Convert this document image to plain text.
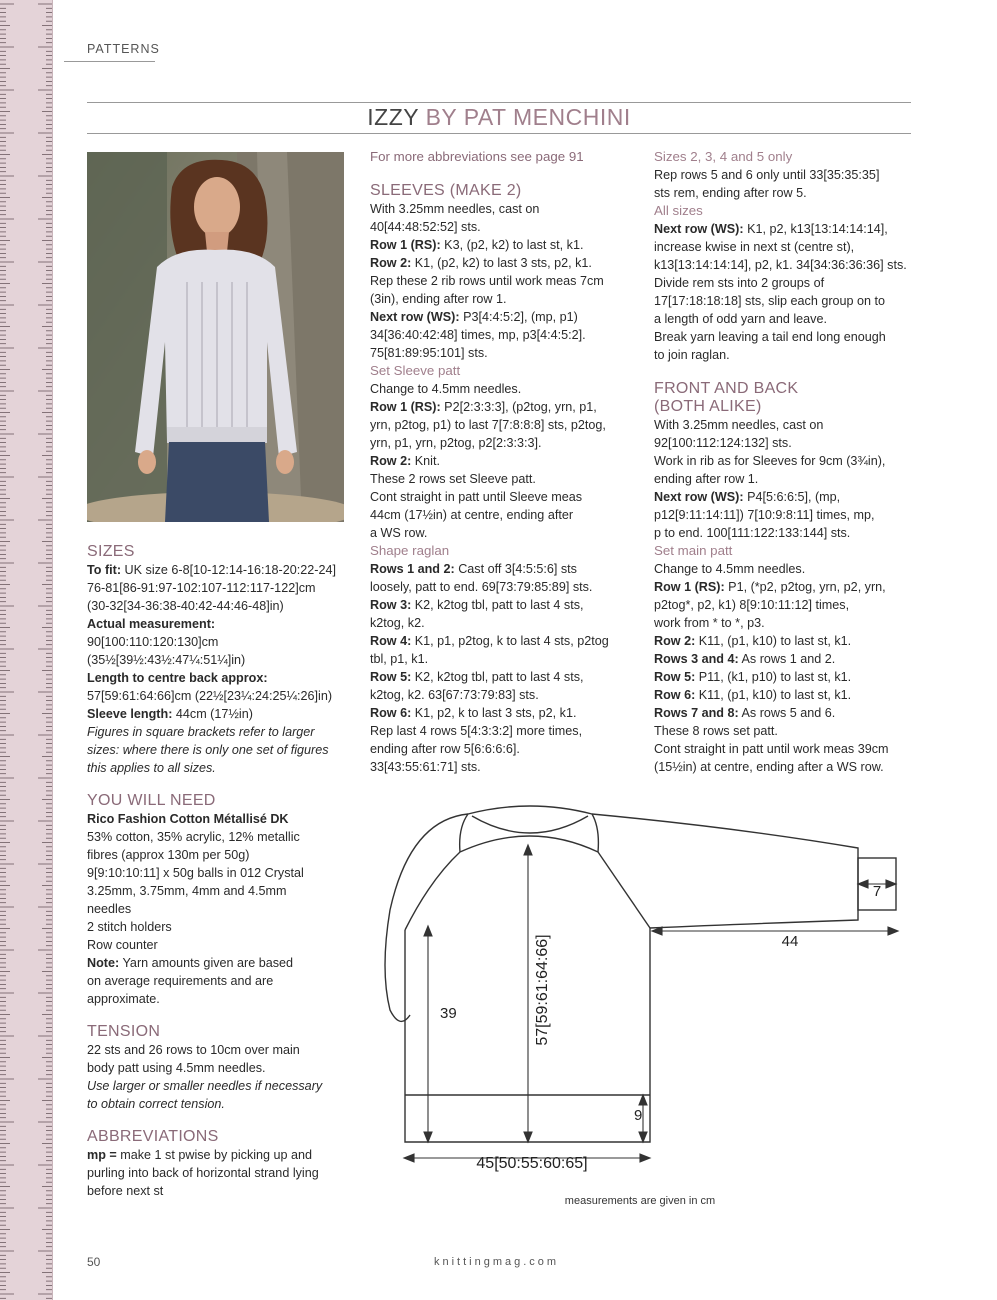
PATTERNS
IZZY BY PAT MENCHINI

SIZES

To fit: UK size 6-8[10-12:14-16:18-20:22-24]

76-81[86-91:97-102:107-112:117-122]cm

(30-32[34-36:38-40:42-44:46-48]in)

Actual measurement:

90[100:110:120:130]cm

(35½[39½:43½:47¼:51¼]in)

Length to centre back approx:

57[59:61:64:66]cm (22½[23¼:24:25¼:26]in)

Sleeve length: 44cm (17½in)

Figures in square brackets refer to larger

sizes: where there is only one set of figures

this applies to all sizes.

YOU WILL NEED

Rico Fashion Cotton Métallisé DK

53% cotton, 35% acrylic, 12% metallic

fibres (approx 130m per 50g)

9[9:10:10:11] x 50g balls in 012 Crystal

3.25mm, 3.75mm, 4mm and 4.5mm

needles

2 stitch holders

Row counter

Note: Yarn amounts given are based

on average requirements and are

approximate.

TENSION

22 sts and 26 rows to 10cm over main

body patt using 4.5mm needles.

Use larger or smaller needles if necessary

to obtain correct tension.

ABBREVIATIONS

mp = make 1 st pwise by picking up and

purling into back of horizontal strand lying

before next st

For more abbreviations see page 91

SLEEVES (MAKE 2)

With 3.25mm needles, cast on

40[44:48:52:52] sts.

Row 1 (RS): K3, (p2, k2) to last st, k1.

Row 2: K1, (p2, k2) to last 3 sts, p2, k1.

Rep these 2 rib rows until work meas 7cm

(3in), ending after row 1.

Next row (WS): P3[4:4:5:2], (mp, p1)

34[36:40:42:48] times, mp, p3[4:4:5:2].

75[81:89:95:101] sts.

Set Sleeve patt

Change to 4.5mm needles.

Row 1 (RS): P2[2:3:3:3], (p2tog, yrn, p1,

yrn, p2tog, p1) to last 7[7:8:8:8] sts, p2tog,

yrn, p1, yrn, p2tog, p2[2:3:3:3].

Row 2: Knit.

These 2 rows set Sleeve patt.

Cont straight in patt until Sleeve meas

44cm (17½in) at centre, ending after

a WS row.

Shape raglan

Rows 1 and 2: Cast off 3[4:5:5:6] sts

loosely, patt to end. 69[73:79:85:89] sts.

Row 3: K2, k2tog tbl, patt to last 4 sts,

k2tog, k2.

Row 4: K1, p1, p2tog, k to last 4 sts, p2tog

tbl, p1, k1.

Row 5: K2, k2tog tbl, patt to last 4 sts,

k2tog, k2. 63[67:73:79:83] sts.

Row 6: K1, p2, k to last 3 sts, p2, k1.

Rep last 4 rows 5[4:3:3:2] more times,

ending after row 5[6:6:6:6].

33[43:55:61:71] sts.

Sizes 2, 3, 4 and 5 only

Rep rows 5 and 6 only until 33[35:35:35]

sts rem, ending after row 5.

All sizes

Next row (WS): K1, p2, k13[13:14:14:14],

increase kwise in next st (centre st),

k13[13:14:14:14], p2, k1. 34[34:36:36:36] sts.

Divide rem sts into 2 groups of

17[17:18:18:18] sts, slip each group on to

a length of odd yarn and leave.

Break yarn leaving a tail end long enough

to join raglan.

FRONT AND BACK

(BOTH ALIKE)

With 3.25mm needles, cast on

92[100:112:124:132] sts.

Work in rib as for Sleeves for 9cm (3¾in),

ending after row 1.

Next row (WS): P4[5:6:6:5], (mp,

p12[9:11:14:11]) 7[10:9:8:11] times, mp,

p to end. 100[111:122:133:144] sts.

Set main patt

Change to 4.5mm needles.

Row 1 (RS): P1, (*p2, p2tog, yrn, p2, yrn,

p2tog*, p2, k1) 8[9:10:11:12] times,

work from * to *, p3.

Row 2: K11, (p1, k10) to last st, k1.

Rows 3 and 4: As rows 1 and 2.

Row 5: P11, (k1, p10) to last st, k1.

Row 6: K11, (p1, k10) to last st, k1.

Rows 7 and 8: As rows 5 and 6.

These 8 rows set patt.

Cont straight in patt until work meas 39cm

(15½in) at centre, ending after a WS row.

7
44
57[59:61:64:66]
39
9
45[50:55:60:65]
measurements are given in cm
50	knittingmag.com
